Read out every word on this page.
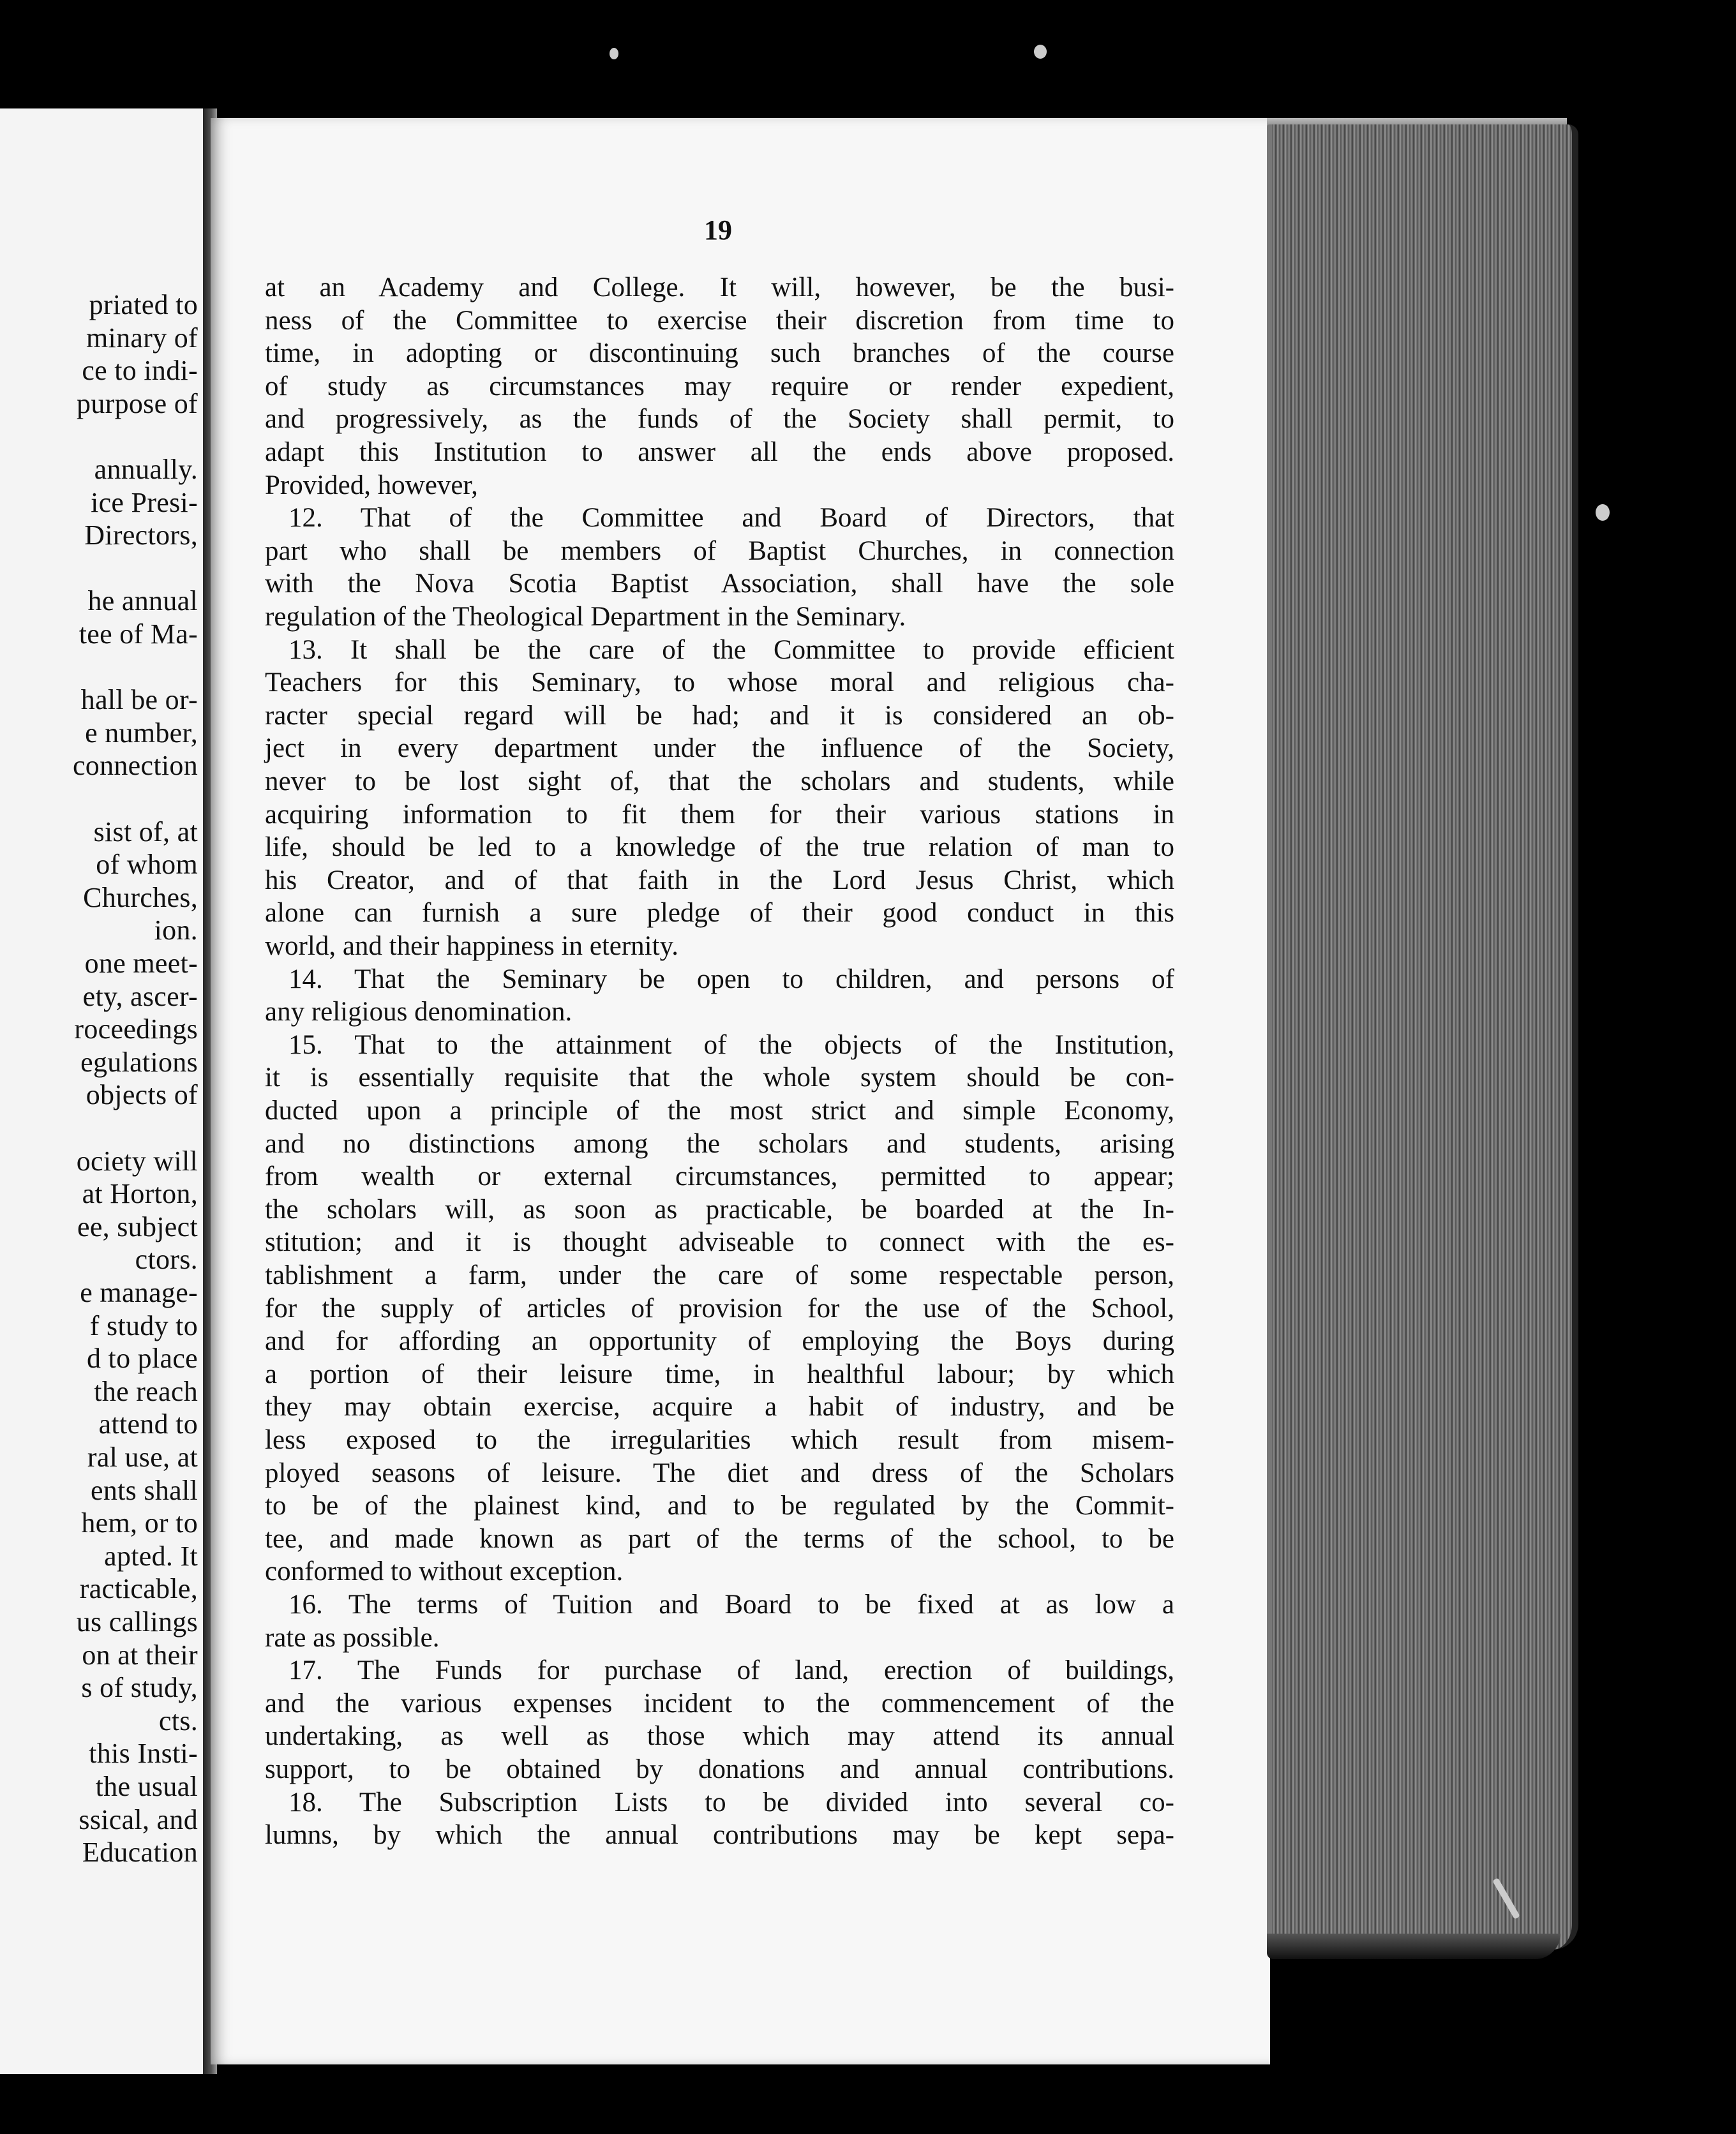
priated to
minary of
ce to indi-
purpose of
annually.
ice Presi-
Directors,
he annual
tee of Ma-
hall be or-
e number,
connection
sist of, at
of whom
Churches,
ion.
one meet-
ety, ascer-
roceedings
egulations
objects of
ociety will
at Horton,
ee, subject
ctors.
e manage-
f study to
d to place
the reach
attend to
ral use, at
ents shall
hem, or to
apted. It
racticable,
us callings
on at their
s of study,
cts.
this Insti-
the usual
ssical, and
Education
19
at an Academy and College. It will, however, be the busi-
ness of the Committee to exercise their discretion from time to
time, in adopting or discontinuing such branches of the course
of study as circumstances may require or render expedient,
and progressively, as the funds of the Society shall permit, to
adapt this Institution to answer all the ends above proposed.
Provided, however,
12. That of the Committee and Board of Directors, that
part who shall be members of Baptist Churches, in connection
with the Nova Scotia Baptist Association, shall have the sole
regulation of the Theological Department in the Seminary.
13. It shall be the care of the Committee to provide efficient
Teachers for this Seminary, to whose moral and religious cha-
racter special regard will be had; and it is considered an ob-
ject in every department under the influence of the Society,
never to be lost sight of, that the scholars and students, while
acquiring information to fit them for their various stations in
life, should be led to a knowledge of the true relation of man to
his Creator, and of that faith in the Lord Jesus Christ, which
alone can furnish a sure pledge of their good conduct in this
world, and their happiness in eternity.
14. That the Seminary be open to children, and persons of
any religious denomination.
15. That to the attainment of the objects of the Institution,
it is essentially requisite that the whole system should be con-
ducted upon a principle of the most strict and simple Economy,
and no distinctions among the scholars and students, arising
from wealth or external circumstances, permitted to appear;
the scholars will, as soon as practicable, be boarded at the In-
stitution; and it is thought adviseable to connect with the es-
tablishment a farm, under the care of some respectable person,
for the supply of articles of provision for the use of the School,
and for affording an opportunity of employing the Boys during
a portion of their leisure time, in healthful labour; by which
they may obtain exercise, acquire a habit of industry, and be
less exposed to the irregularities which result from misem-
ployed seasons of leisure. The diet and dress of the Scholars
to be of the plainest kind, and to be regulated by the Commit-
tee, and made known as part of the terms of the school, to be
conformed to without exception.
16. The terms of Tuition and Board to be fixed at as low a
rate as possible.
17. The Funds for purchase of land, erection of buildings,
and the various expenses incident to the commencement of the
undertaking, as well as those which may attend its annual
support, to be obtained by donations and annual contributions.
18. The Subscription Lists to be divided into several co-
lumns, by which the annual contributions may be kept sepa-
